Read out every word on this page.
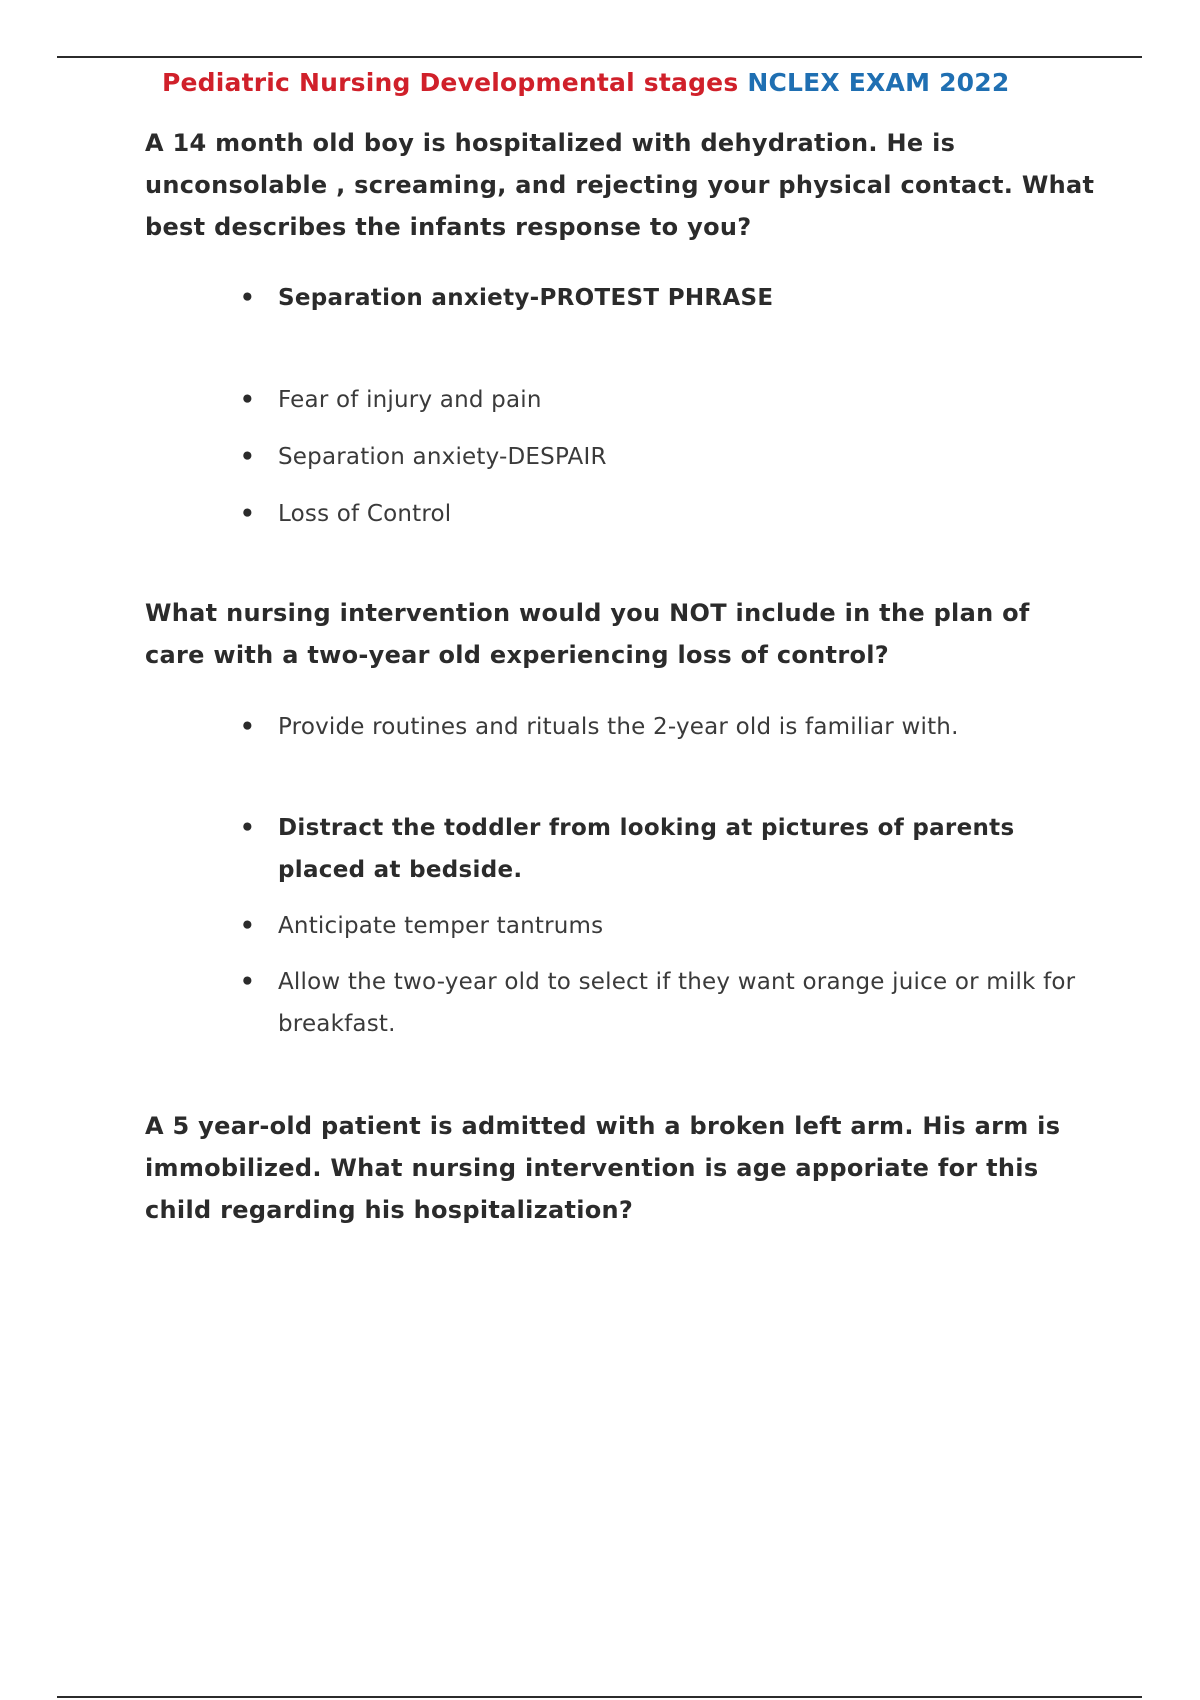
Pediatric Nursing Developmental stages NCLEX EXAM 2022
A 14 month old boy is hospitalized with dehydration. He is unconsolable , screaming, and rejecting your physical contact. What best describes the infants response to you?
• Separation anxiety-PROTEST PHRASE
• Fear of injury and pain
• Separation anxiety-DESPAIR
• Loss of Control
What nursing intervention would you NOT include in the plan of care with a two-year old experiencing loss of control?
• Provide routines and rituals the 2-year old is familiar with.
• Distract the toddler from looking at pictures of parents placed at bedside.
• Anticipate temper tantrums
• Allow the two-year old to select if they want orange juice or milk for breakfast.
A 5 year-old patient is admitted with a broken left arm. His arm is immobilized. What nursing intervention is age apporiate for this child regarding his hospitalization?
